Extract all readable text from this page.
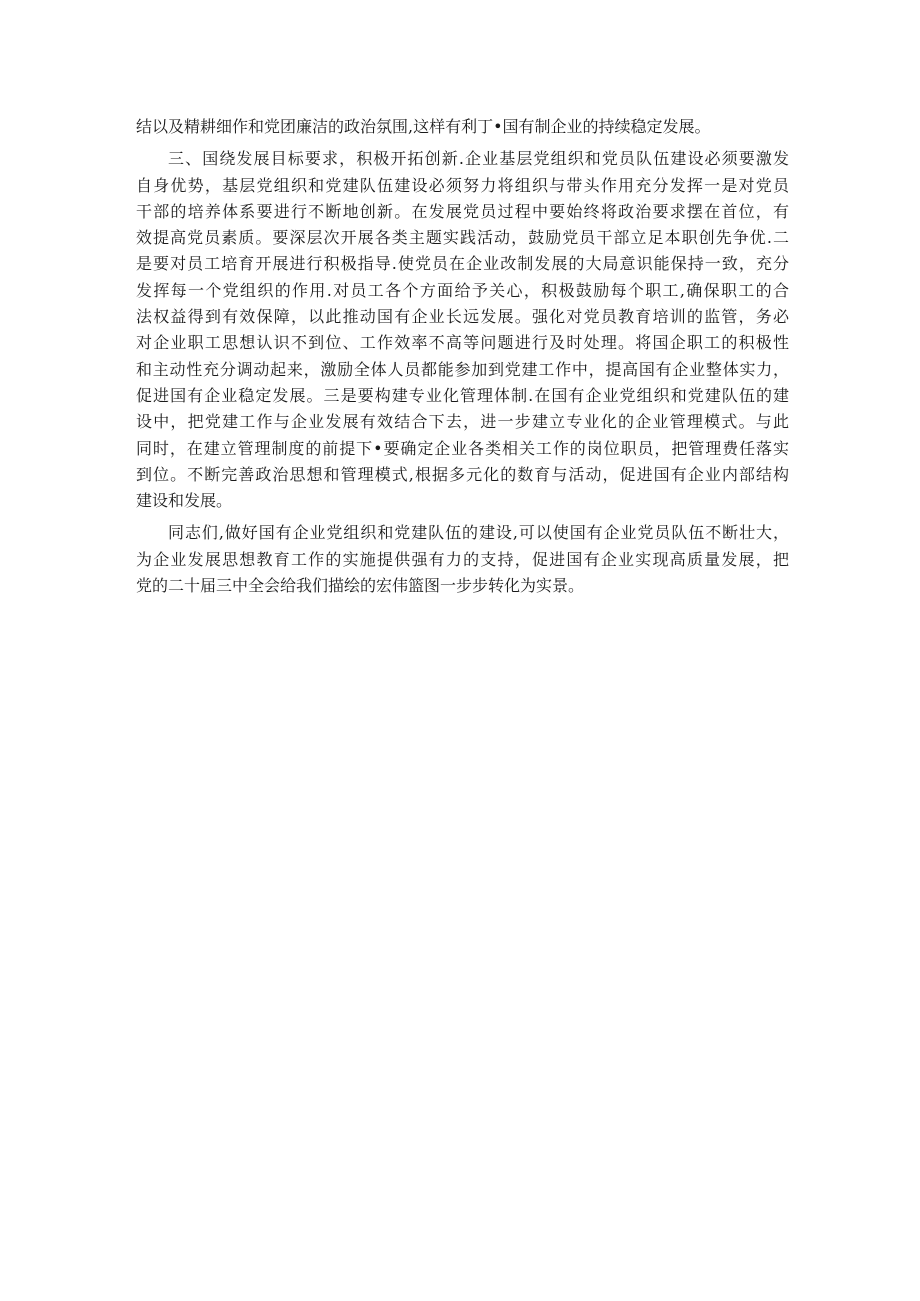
结以及精耕细作和党团廉洁的政治氛围,这样有利丁•国有制企业的持续稳定发展。
三、国绕发展目标要求，积极开拓创新.企业基层党组织和党员队伍建设必须要激发
自身优势，基层党组织和党建队伍建设必须努力将组织与带头作用充分发挥一是对党员
干部的培养体系要进行不断地创新。在发展党员过程中要始终将政治要求摆在首位，有
效提高党员素质。要深层次开展各类主题实践活动，鼓励党员干部立足本职创先争优.二
是要对员工培育开展进行积极指导.使党员在企业改制发展的大局意识能保持一致，充分
发挥每一个党组织的作用.对员工各个方面给予关心，积极鼓励每个职工,确保职工的合
法权益得到有效保障，以此推动国有企业长远发展。强化对党员教育培训的监管，务必
对企业职工思想认识不到位、工作效率不高等问题进行及时处理。将国企职工的积极性
和主动性充分调动起来，激励全体人员都能参加到党建工作中，提高国有企业整体实力，
促进国有企业稳定发展。三是要构建专业化管理体制.在国有企业党组织和党建队伍的建
设中，把党建工作与企业发展有效结合下去，进一步建立专业化的企业管理模式。与此
同时，在建立管理制度的前提下•要确定企业各类相关工作的岗位职员，把管理费任落实
到位。不断完善政治思想和管理模式,根据多元化的数育与活动，促进国有企业内部结构
建设和发展。
同志们,做好国有企业党组织和党建队伍的建设,可以使国有企业党员队伍不断壮大，
为企业发展思想教育工作的实施提供强有力的支持，促进国有企业实现高质量发展，把
党的二十届三中全会给我们描绘的宏伟篮图一步步转化为实景。
